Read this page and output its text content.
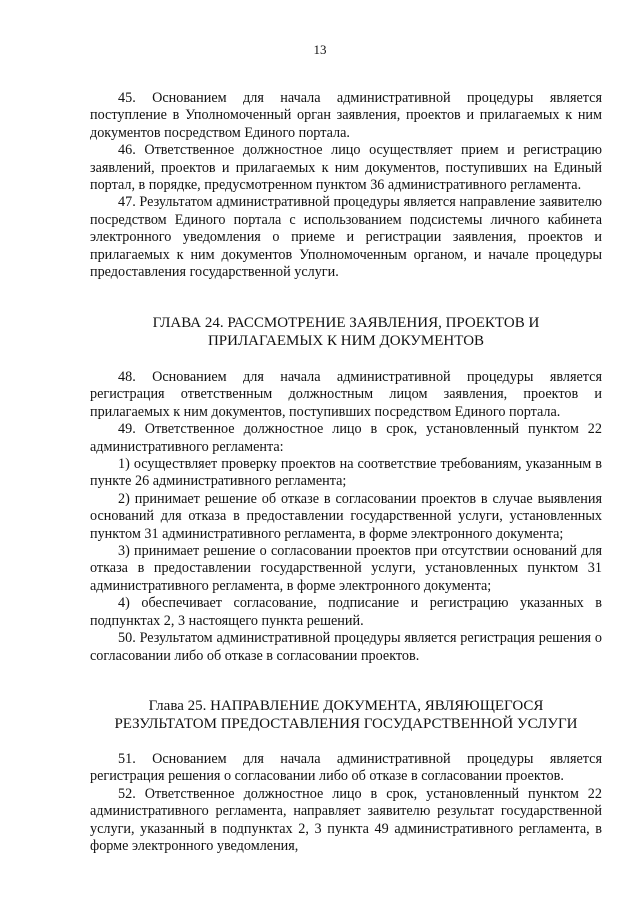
13

45. Основанием для начала административной процедуры является поступление в Уполномоченный орган заявления, проектов и прилагаемых к ним документов посредством Единого портала.

46. Ответственное должностное лицо осуществляет прием и регистрацию заявлений, проектов и прилагаемых к ним документов, поступивших на Единый портал, в порядке, предусмотренном пунктом 36 административного регламента.

47. Результатом административной процедуры является направление заявителю посредством Единого портала с использованием подсистемы личного кабинета электронного уведомления о приеме и регистрации заявления, проектов и прилагаемых к ним документов Уполномоченным органом, и начале процедуры предоставления государственной услуги.

ГЛАВА 24. РАССМОТРЕНИЕ ЗАЯВЛЕНИЯ, ПРОЕКТОВ И
ПРИЛАГАЕМЫХ К НИМ ДОКУМЕНТОВ

48. Основанием для начала административной процедуры является регистрация ответственным должностным лицом заявления, проектов и прилагаемых к ним документов, поступивших посредством Единого портала.

49. Ответственное должностное лицо в срок, установленный пунктом 22 административного регламента:

1) осуществляет проверку проектов на соответствие требованиям, указанным в пункте 26 административного регламента;

2) принимает решение об отказе в согласовании проектов в случае выявления оснований для отказа в предоставлении государственной услуги, установленных пунктом 31 административного регламента, в форме электронного документа;

3) принимает решение о согласовании проектов при отсутствии оснований для отказа в предоставлении государственной услуги, установленных пунктом 31 административного регламента, в форме электронного документа;

4) обеспечивает согласование, подписание и регистрацию указанных в подпунктах 2, 3 настоящего пункта решений.

50. Результатом административной процедуры является регистрация решения о согласовании либо об отказе в согласовании проектов.

Глава 25. НАПРАВЛЕНИЕ ДОКУМЕНТА, ЯВЛЯЮЩЕГОСЯ
РЕЗУЛЬТАТОМ ПРЕДОСТАВЛЕНИЯ ГОСУДАРСТВЕННОЙ УСЛУГИ

51. Основанием для начала административной процедуры является регистрация решения о согласовании либо об отказе в согласовании проектов.

52. Ответственное должностное лицо в срок, установленный пунктом 22 административного регламента, направляет заявителю результат государственной услуги, указанный в подпунктах 2, 3 пункта 49 административного регламента, в форме электронного уведомления,
